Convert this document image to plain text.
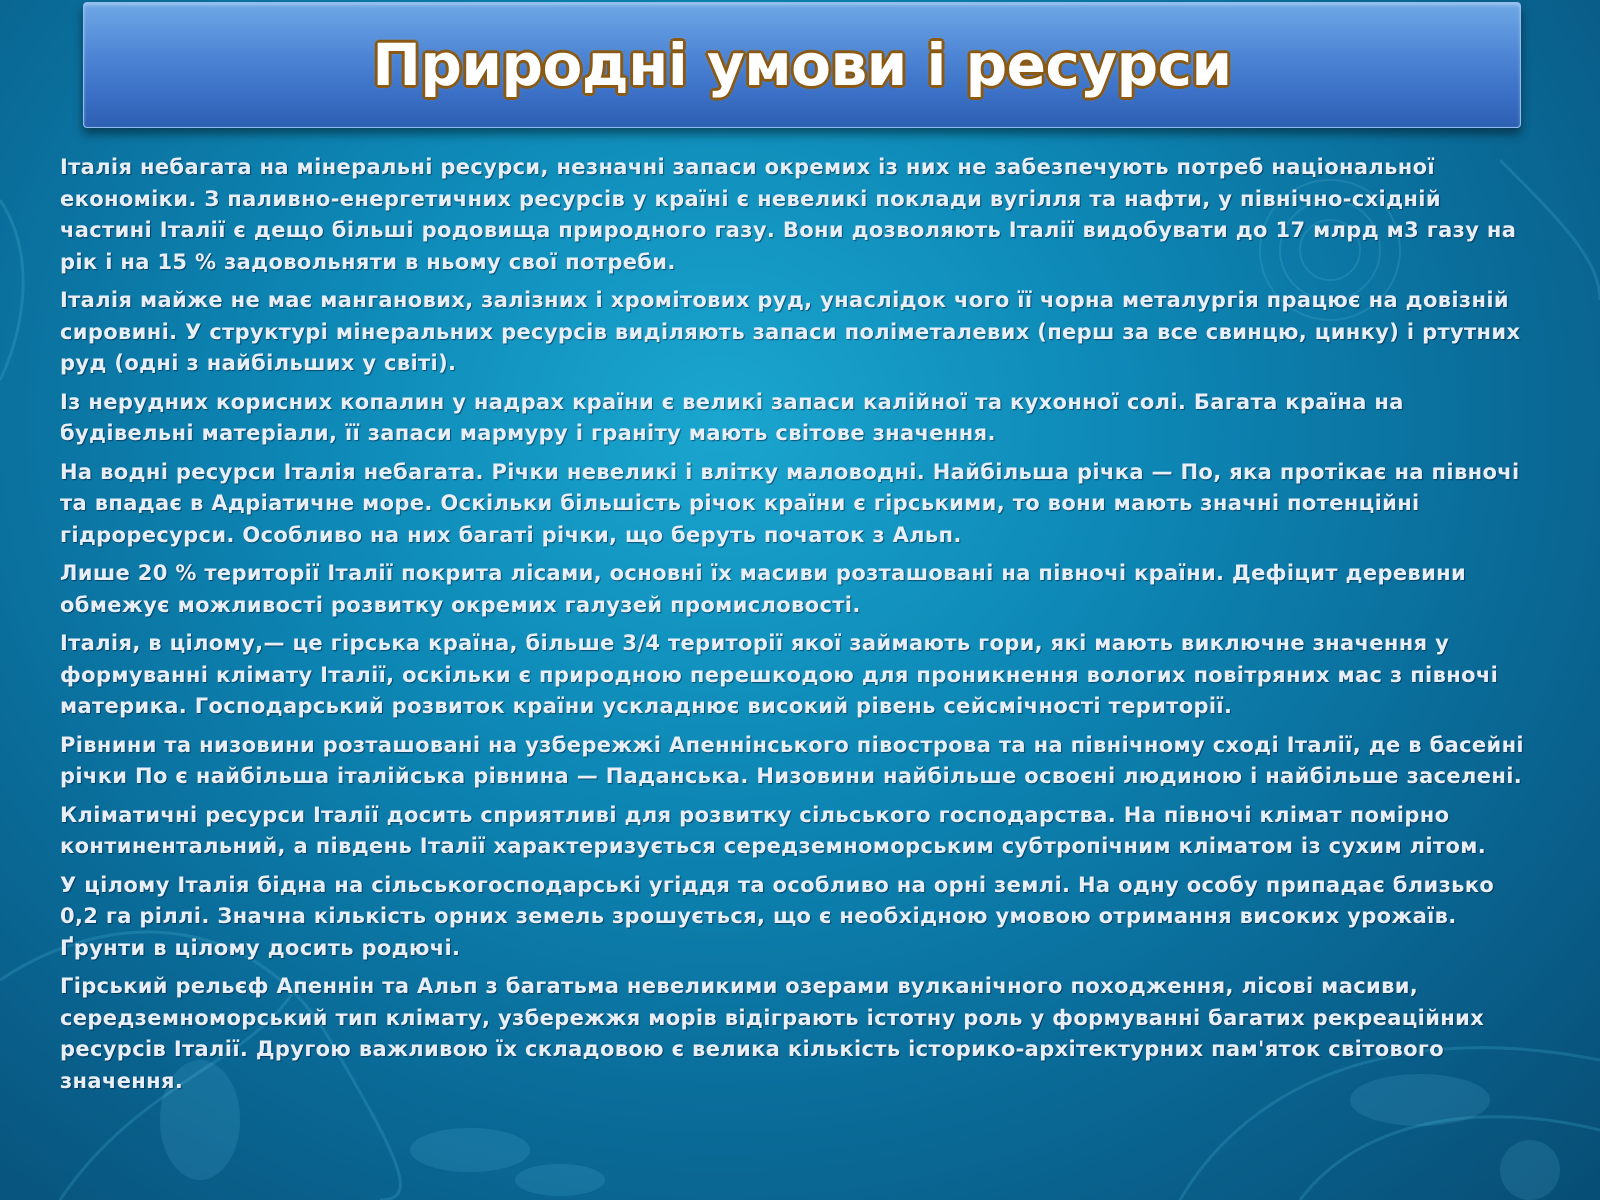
Природні умови і ресурси

Італія небагата на мінеральні ресурси, незначні запаси окремих із них не забезпечують потреб національної економіки. З паливно-енергетичних ресурсів у країні є невеликі поклади вугілля та нафти, у північно-східній частині Італії є дещо більші родовища природного газу. Вони дозволяють Італії видобувати до 17 млрд м3 газу на рік і на 15 % задовольняти в ньому свої потреби.

Італія майже не має манганових, залізних і хромітових руд, унаслідок чого її чорна металургія працює на довізній сировині. У структурі мінеральних ресурсів виділяють запаси поліметалевих (перш за все свинцю, цинку) і ртутних руд (одні з найбільших у світі).

Із нерудних корисних копалин у надрах країни є великі запаси калійної та кухонної солі. Багата країна на будівельні матеріали, її запаси мармуру і граніту мають світове значення.

На водні ресурси Італія небагата. Річки невеликі і влітку маловодні. Найбільша річка — По, яка протікає на півночі та впадає в Адріатичне море. Оскільки більшість річок країни є гірськими, то вони мають значні потенційні гідроресурси. Особливо на них багаті річки, що беруть початок з Альп.

Лише 20 % території Італії покрита лісами, основні їх масиви розташовані на півночі країни. Дефіцит деревини обмежує можливості розвитку окремих галузей промисловості.

Італія, в цілому,— це гірська країна, більше 3/4 території якої займають гори, які мають виключне значення у формуванні клімату Італії, оскільки є природною перешкодою для проникнення вологих повітряних мас з півночі материка. Господарський розвиток країни ускладнює високий рівень сейсмічності території.

Рівнини та низовини розташовані на узбережжі Апеннінського півострова та на північному сході Італії, де в басейні річки По є найбільша італійська рівнина — Паданська. Низовини найбільше освоєні людиною і найбільше заселені.

Кліматичні ресурси Італії досить сприятливі для розвитку сільського господарства. На півночі клімат помірно континентальний, а південь Італії характеризується середземноморським субтропічним кліматом із сухим літом.

У цілому Італія бідна на сільськогосподарські угіддя та особливо на орні землі. На одну особу припадає близько 0,2 га ріллі. Значна кількість орних земель зрошується, що є необхідною умовою отримання високих урожаїв. Ґрунти в цілому досить родючі.

Гірський рельєф Апеннін та Альп з багатьма невеликими озерами вулканічного походження, лісові масиви, середземноморський тип клімату, узбережжя морів відіграють істотну роль у формуванні багатих рекреаційних ресурсів Італії. Другою важливою їх складовою є велика кількість історико-архітектурних пам'яток світового значення.
